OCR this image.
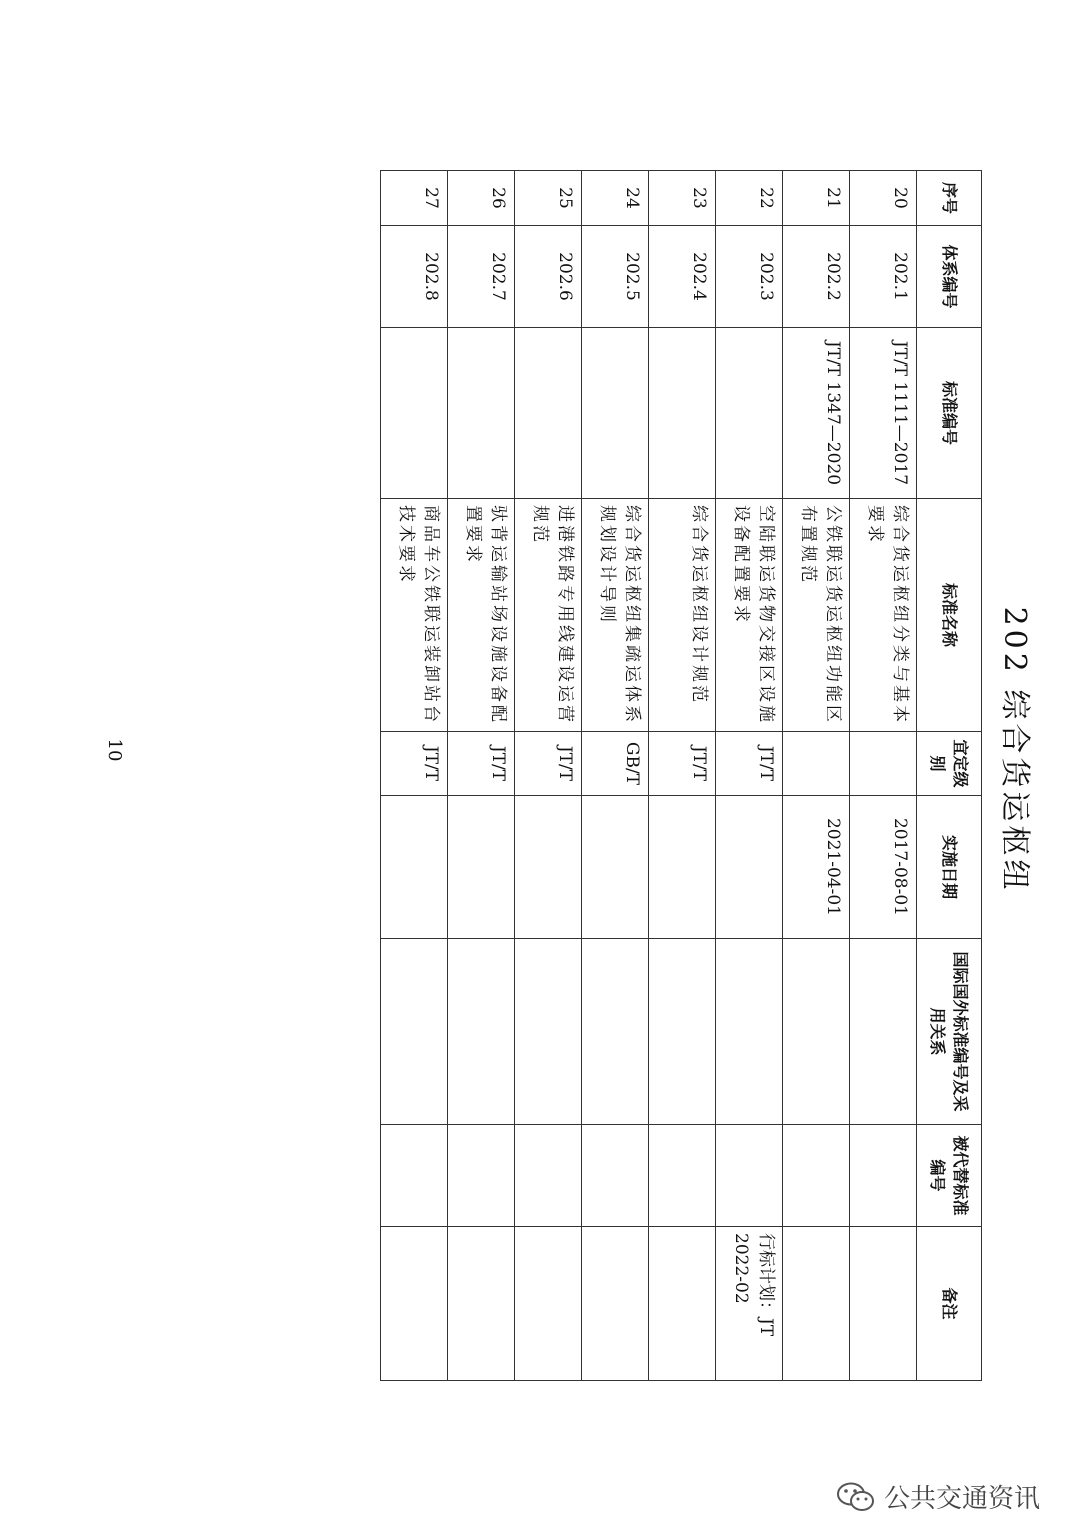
202 综合货运枢纽
序号	体系编号	标准编号	标准名称	宜定级别	实施日期	国际国外标准编号及采用关系	被代替标准编号	备注
20	202.1	JT/T 1111—2017	综合货运枢纽分类与基本要求		2017-08-01			
21	202.2	JT/T 1347—2020	公铁联运货运枢纽功能区布置规范		2021-04-01			
22	202.3		空陆联运货物交接区设施设备配置要求	JT/T				行标计划：JT 2022-02
23	202.4		综合货运枢纽设计规范	JT/T				
24	202.5		综合货运枢纽集疏运体系规划设计导则	GB/T				
25	202.6		进港铁路专用线建设运营规范	JT/T				
26	202.7		驮背运输站场设施设备配置要求	JT/T				
27	202.8		商品车公铁联运装卸站台技术要求	JT/T				
10
公共交通资讯
